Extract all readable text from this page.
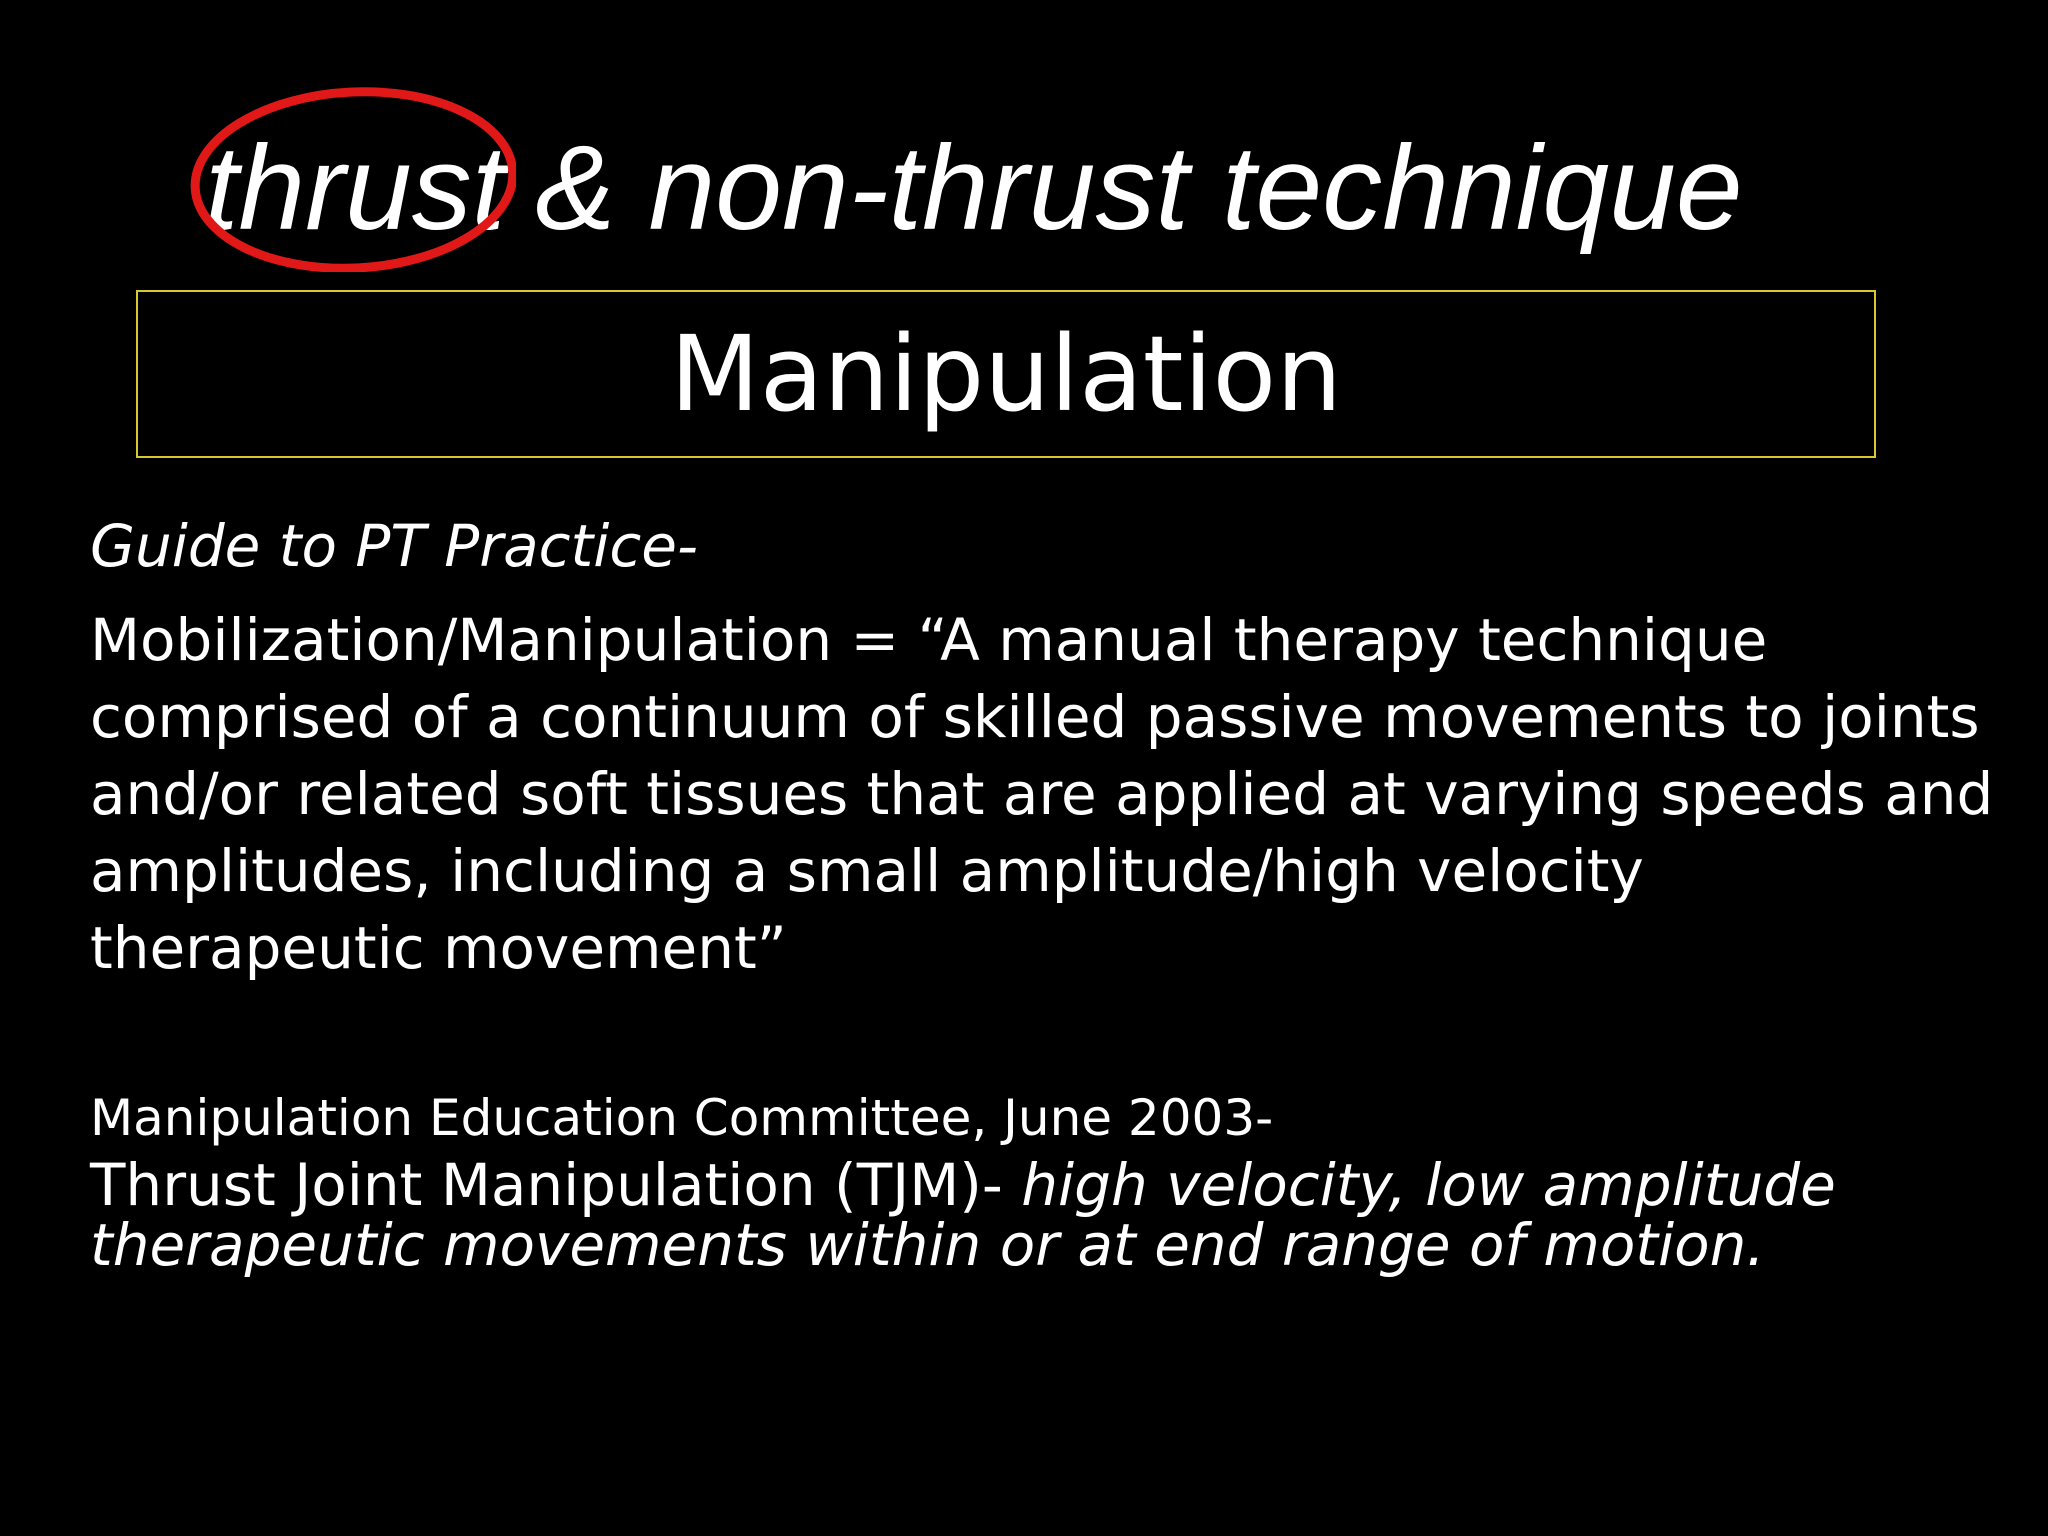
thrust & non-thrust technique
Manipulation
Guide to PT Practice-
Mobilization/Manipulation = “A manual therapy technique
comprised of a continuum of skilled passive movements to joints
and/or related soft tissues that are applied at varying speeds and
amplitudes, including a small amplitude/high velocity
therapeutic movement”
Manipulation Education Committee, June 2003-
Thrust Joint Manipulation (TJM)- high velocity, low amplitude
therapeutic movements within or at end range of motion.
